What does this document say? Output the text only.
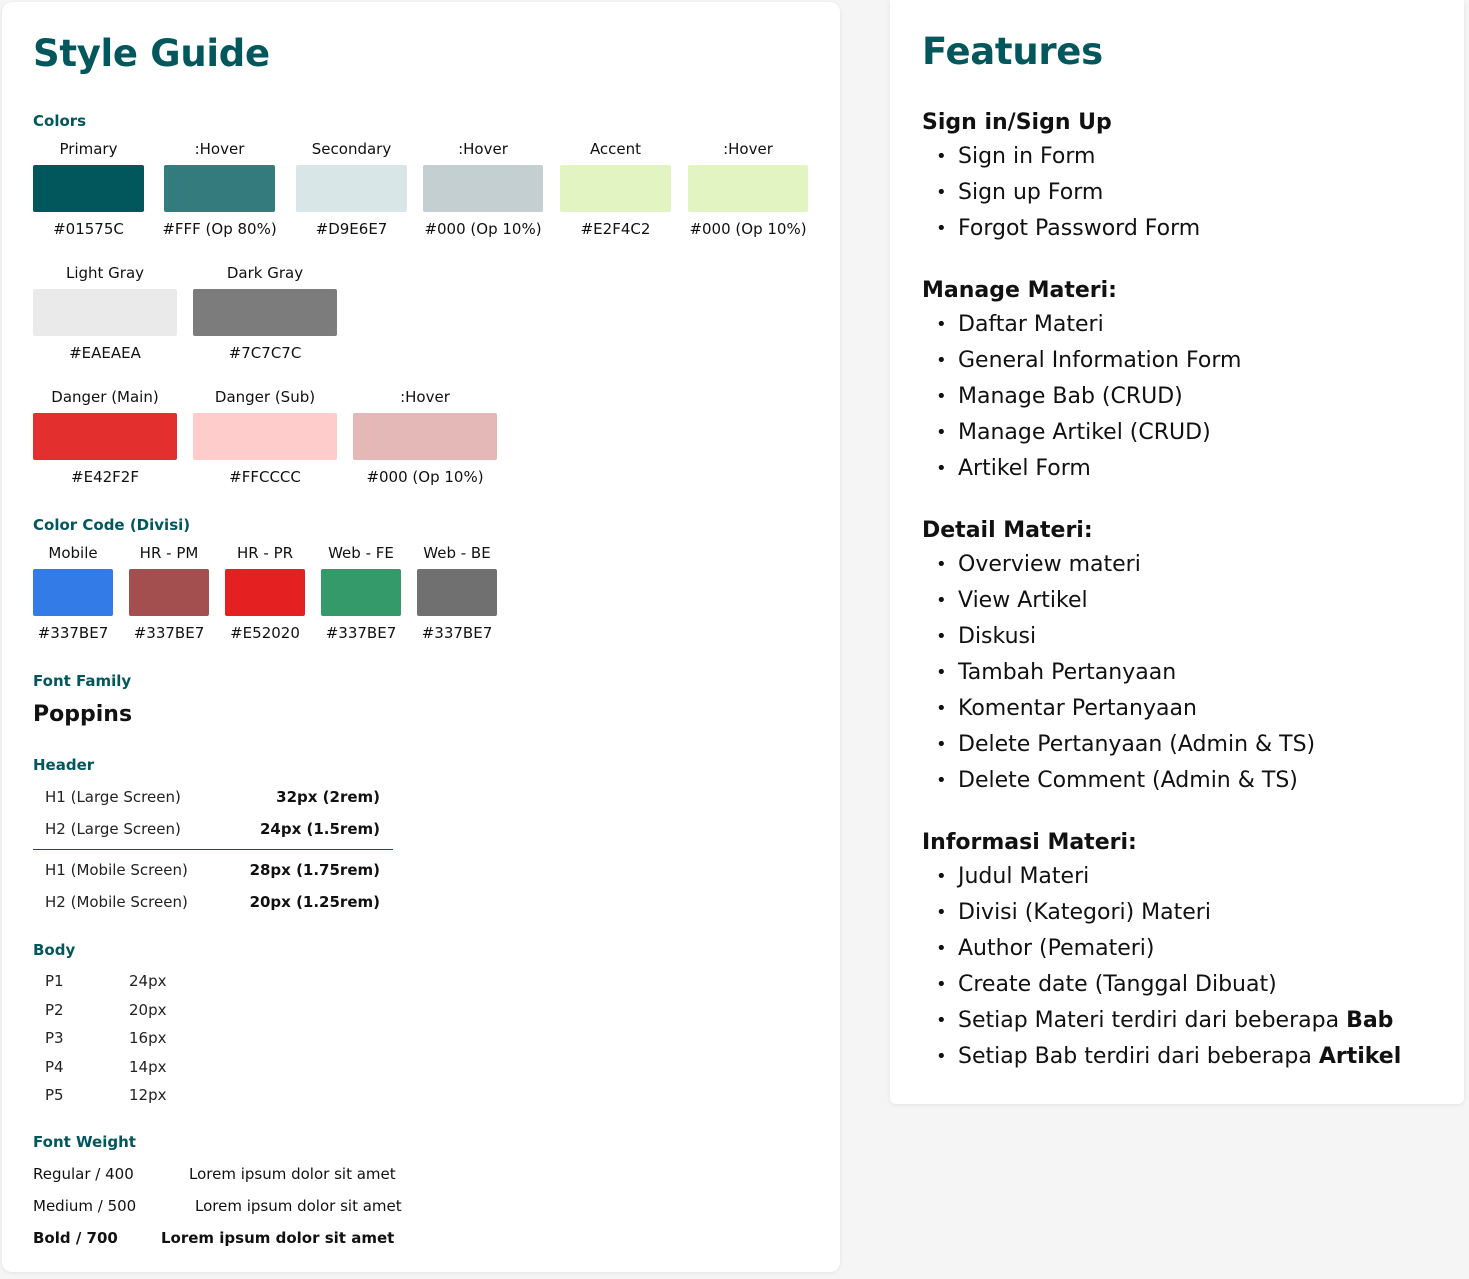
Style Guide
Colors
Primary
#01575C
:Hover
#FFF (Op 80%)
Secondary
#D9E6E7
:Hover
#000 (Op 10%)
Accent
#E2F4C2
:Hover
#000 (Op 10%)
Light Gray
#EAEAEA
Dark Gray
#7C7C7C
Danger (Main)
#E42F2F
Danger (Sub)
#FFCCCC
:Hover
#000 (Op 10%)
Color Code (Divisi)
Mobile
#337BE7
HR - PM
#337BE7
HR - PR
#E52020
Web - FE
#337BE7
Web - BE
#337BE7
Font Family
Poppins
Header
H1 (Large Screen)	32px (2rem)
H2 (Large Screen)	24px (1.5rem)
H1 (Mobile Screen)	28px (1.75rem)
H2 (Mobile Screen)	20px (1.25rem)
Body
P1	24px
P2	20px
P3	16px
P4	14px
P5	12px
Font Weight
Regular / 400	Lorem ipsum dolor sit amet
Medium / 500	Lorem ipsum dolor sit amet
Bold / 700	Lorem ipsum dolor sit amet
Features
Sign in/Sign Up
• Sign in Form
• Sign up Form
• Forgot Password Form
Manage Materi:
• Daftar Materi
• General Information Form
• Manage Bab (CRUD)
• Manage Artikel (CRUD)
• Artikel Form
Detail Materi:
• Overview materi
• View Artikel
• Diskusi
• Tambah Pertanyaan
• Komentar Pertanyaan
• Delete Pertanyaan (Admin & TS)
• Delete Comment (Admin & TS)
Informasi Materi:
• Judul Materi
• Divisi (Kategori) Materi
• Author (Pemateri)
• Create date (Tanggal Dibuat)
• Setiap Materi terdiri dari beberapa Bab
• Setiap Bab terdiri dari beberapa Artikel
